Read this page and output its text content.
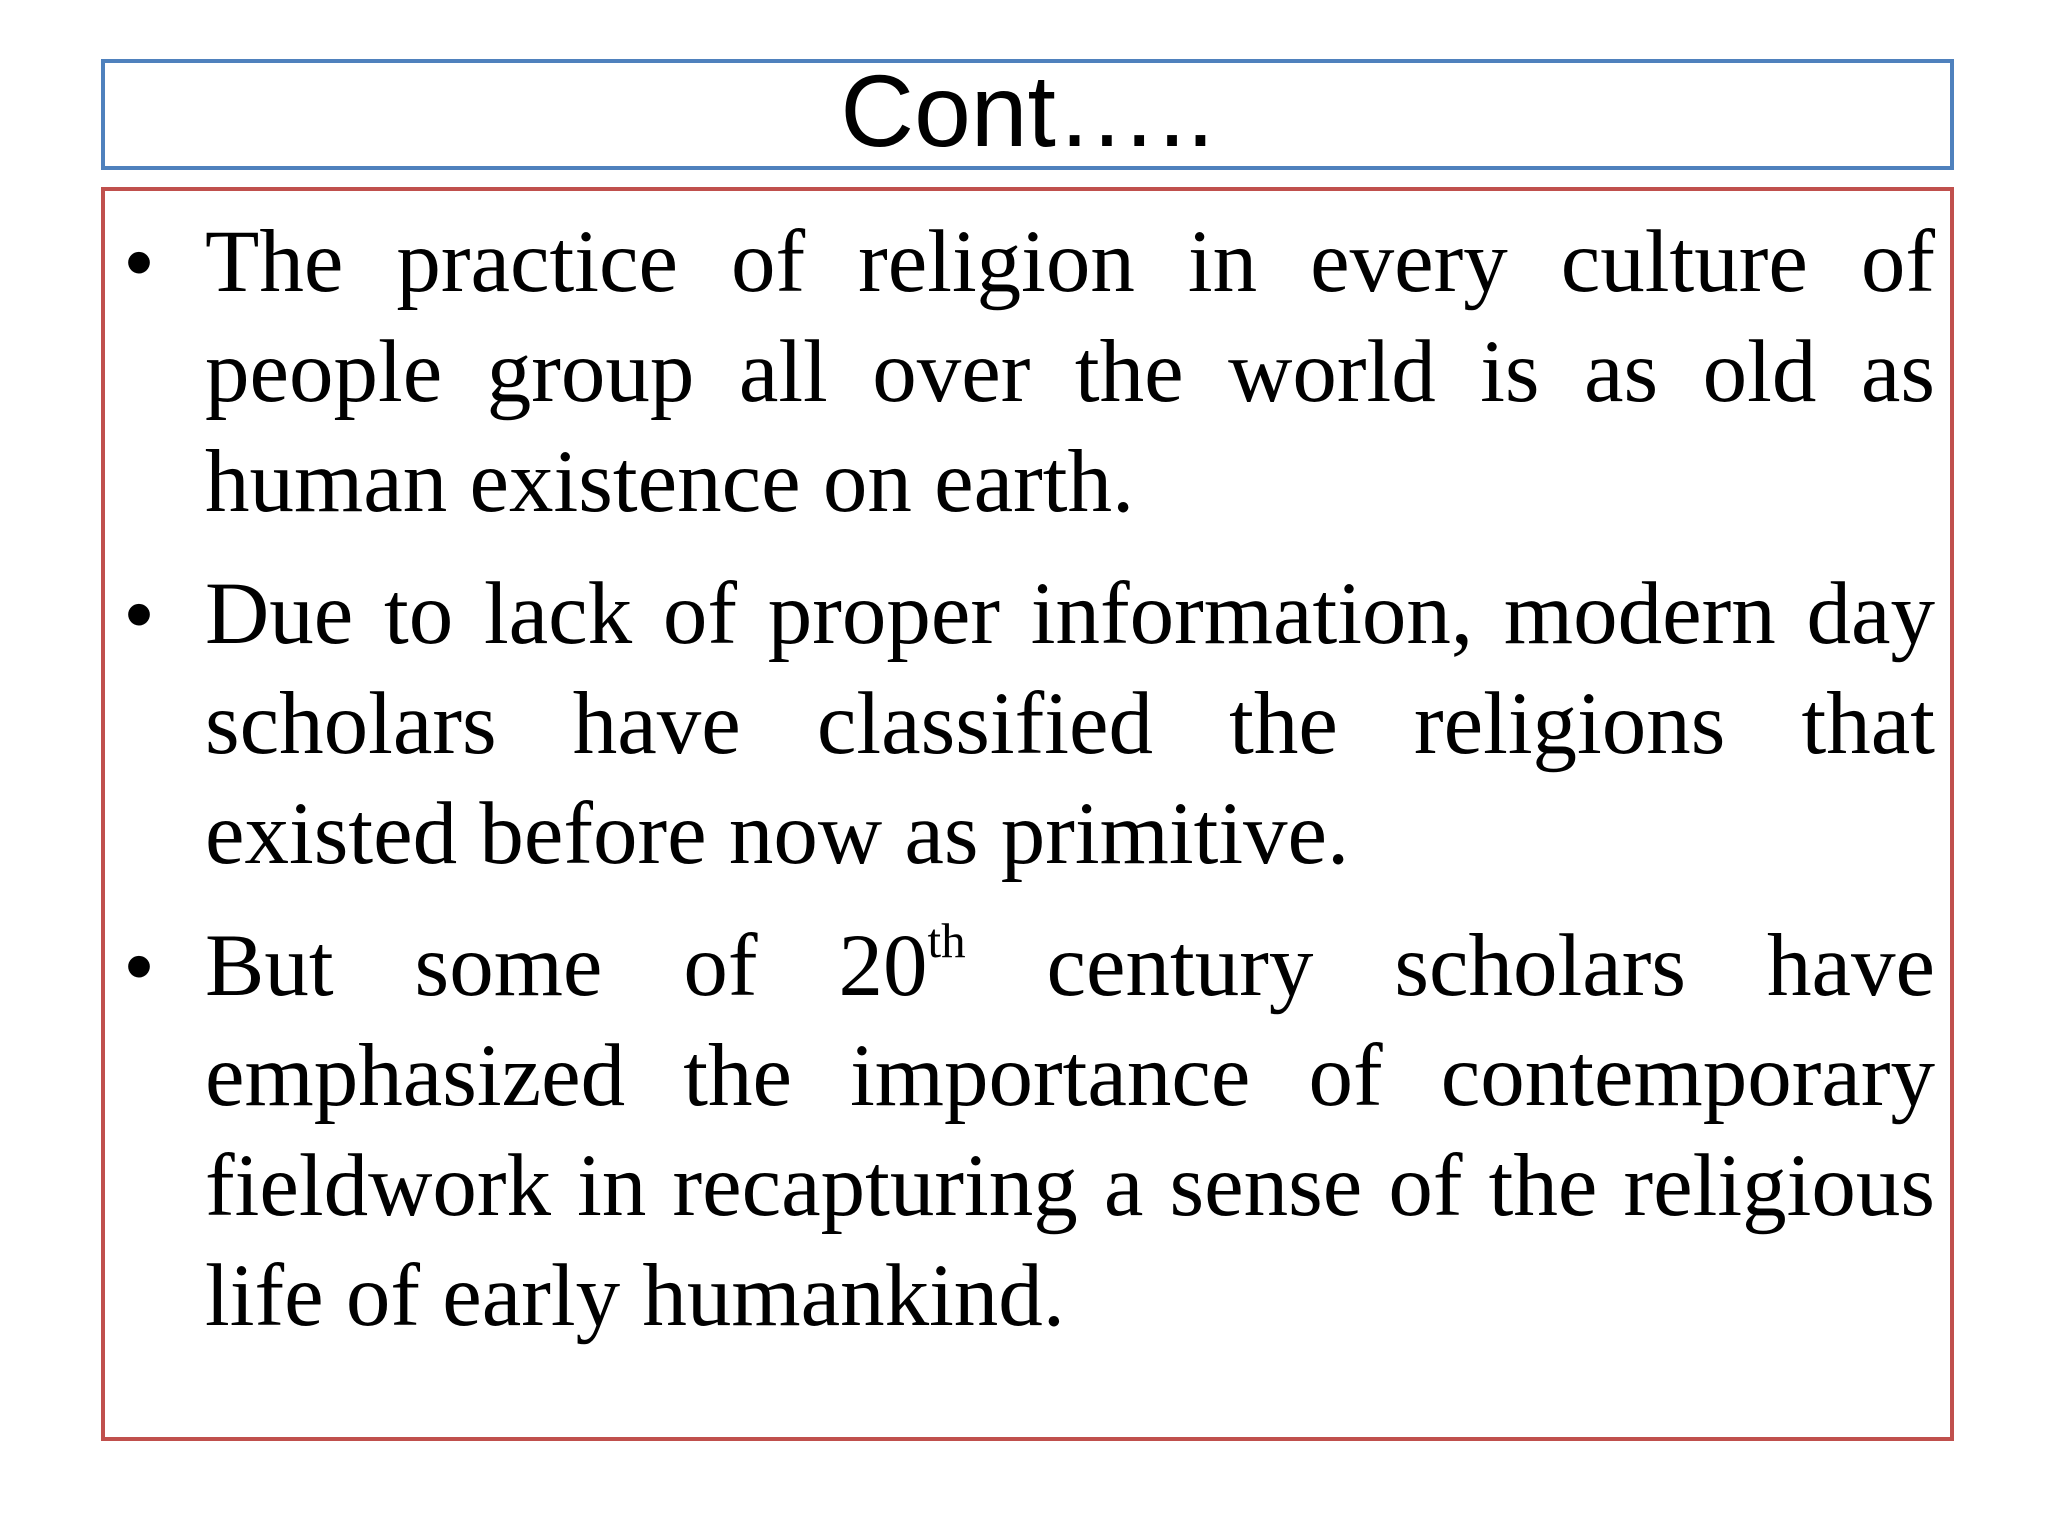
Cont…..
• The practice of religion in every culture of people group all over the world is as old as human existence on earth.
• Due to lack of proper information, modern day scholars have classified the religions that existed before now as primitive.
• But some of 20th century scholars have emphasized the importance of contemporary fieldwork in recapturing a sense of the religious life of early humankind.
